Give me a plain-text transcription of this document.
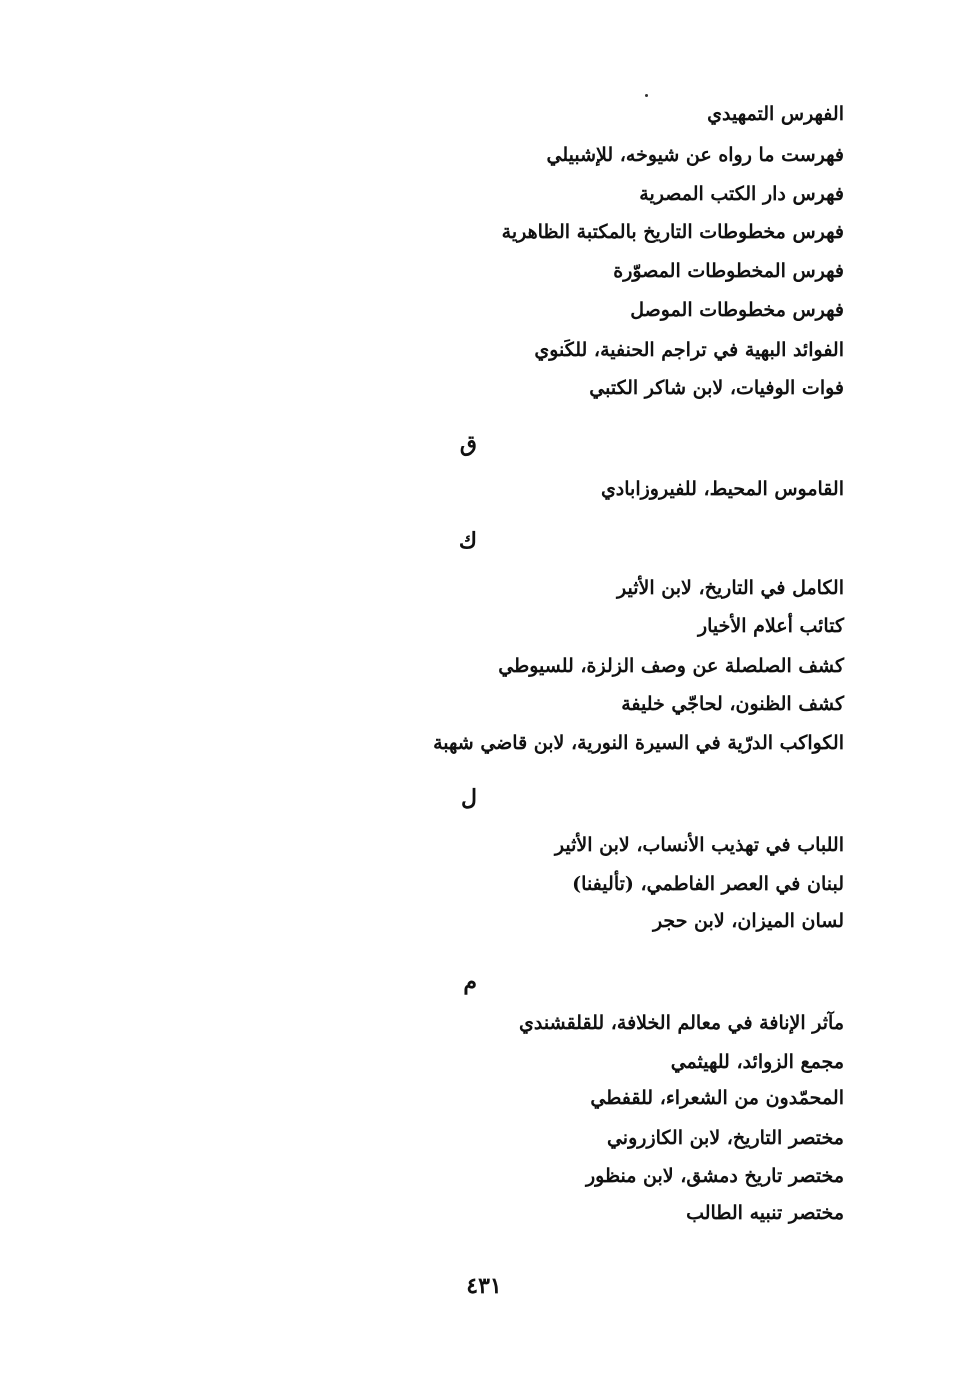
الفهرس التمهيدي
فهرست ما رواه عن شيوخه، للإشبيلي
فهرس دار الكتب المصرية
فهرس مخطوطات التاريخ بالمكتبة الظاهرية
فهرس المخطوطات المصوّرة
فهرس مخطوطات الموصل
الفوائد البهية في تراجم الحنفية، للكَنوي
فوات الوفيات، لابن شاكر الكتبي
ق
القاموس المحيط، للفيروزابادي
ك
الكامل في التاريخ، لابن الأثير
كتائب أعلام الأخيار
كشف الصلصلة عن وصف الزلزة، للسيوطي
كشف الظنون، لحاجّي خليفة
الكواكب الدرّية في السيرة النورية، لابن قاضي شهبة
ل
اللباب في تهذيب الأنساب، لابن الأثير
لبنان في العصر الفاطمي، (تأليفنا)
لسان الميزان، لابن حجر
م
مآثر الإنافة في معالم الخلافة، للقلقشندي
مجمع الزوائد، للهيثمي
المحمّدون من الشعراء، للقفطي
مختصر التاريخ، لابن الكازروني
مختصر تاريخ دمشق، لابن منظور
مختصر تنبيه الطالب
٤٣١
